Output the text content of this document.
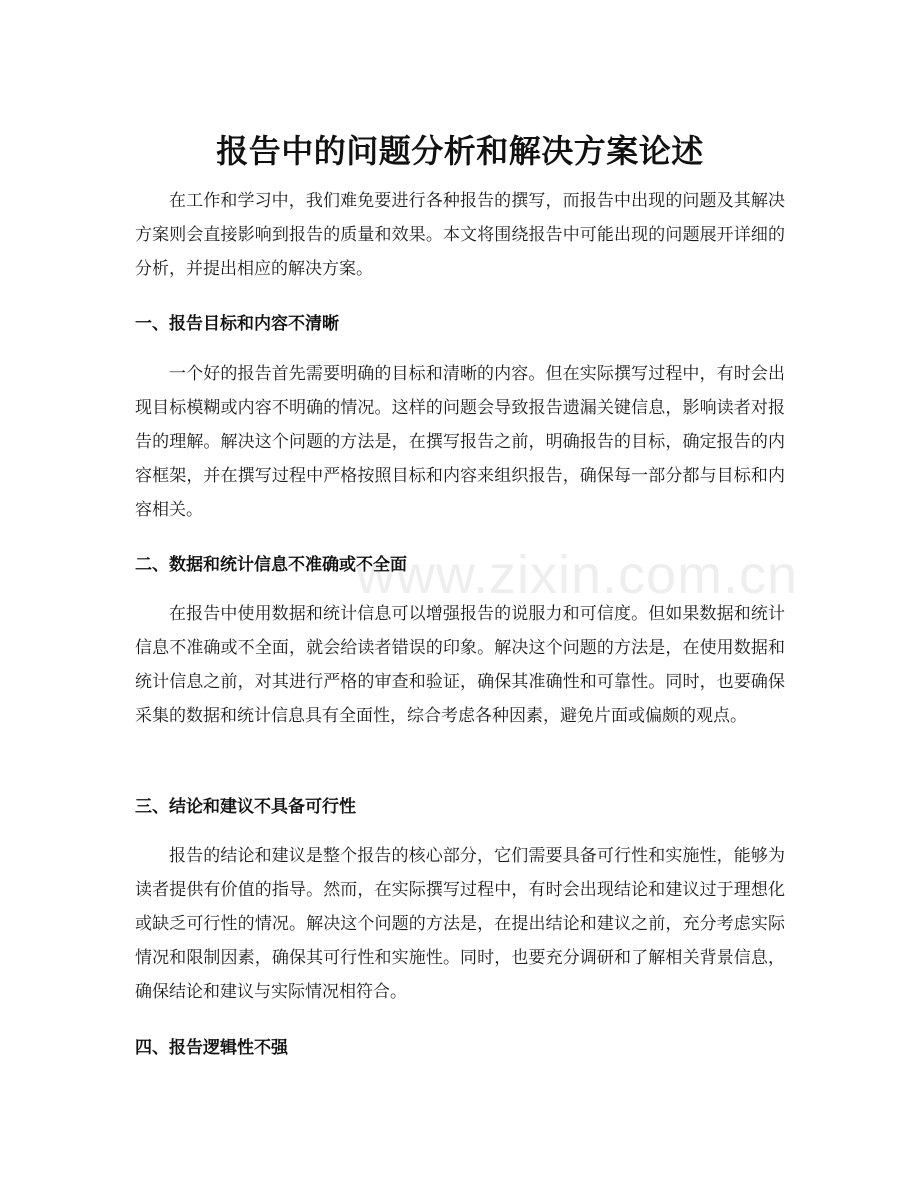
www.zixin.com.cn
报告中的问题分析和解决方案论述

在工作和学习中，我们难免要进行各种报告的撰写，而报告中出现的问题及其解决方案则会直接影响到报告的质量和效果。本文将围绕报告中可能出现的问题展开详细的分析，并提出相应的解决方案。

一、报告目标和内容不清晰

一个好的报告首先需要明确的目标和清晰的内容。但在实际撰写过程中，有时会出现目标模糊或内容不明确的情况。这样的问题会导致报告遗漏关键信息，影响读者对报告的理解。解决这个问题的方法是，在撰写报告之前，明确报告的目标，确定报告的内容框架，并在撰写过程中严格按照目标和内容来组织报告，确保每一部分都与目标和内容相关。

二、数据和统计信息不准确或不全面

在报告中使用数据和统计信息可以增强报告的说服力和可信度。但如果数据和统计信息不准确或不全面，就会给读者错误的印象。解决这个问题的方法是，在使用数据和统计信息之前，对其进行严格的审查和验证，确保其准确性和可靠性。同时，也要确保采集的数据和统计信息具有全面性，综合考虑各种因素，避免片面或偏颇的观点。

三、结论和建议不具备可行性

报告的结论和建议是整个报告的核心部分，它们需要具备可行性和实施性，能够为读者提供有价值的指导。然而，在实际撰写过程中，有时会出现结论和建议过于理想化或缺乏可行性的情况。解决这个问题的方法是，在提出结论和建议之前，充分考虑实际情况和限制因素，确保其可行性和实施性。同时，也要充分调研和了解相关背景信息，确保结论和建议与实际情况相符合。

四、报告逻辑性不强
